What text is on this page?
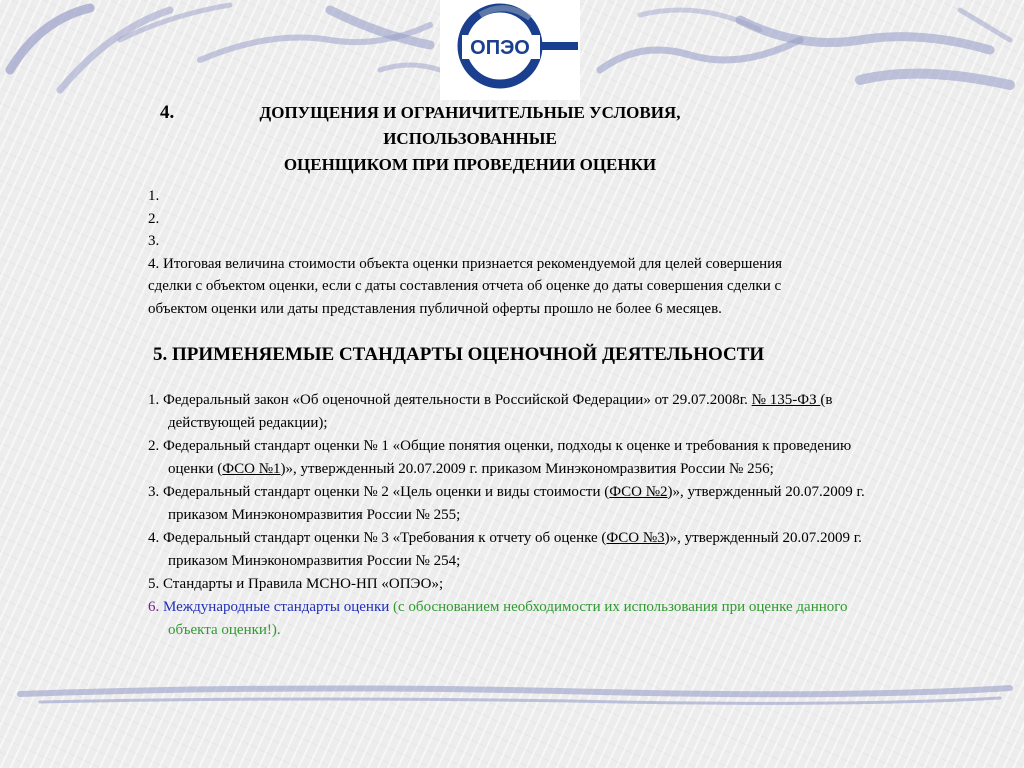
ОПЭО
4.	ДОПУЩЕНИЯ И ОГРАНИЧИТЕЛЬНЫЕ УСЛОВИЯ,
ИСПОЛЬЗОВАННЫЕ
ОЦЕНЩИКОМ ПРИ ПРОВЕДЕНИИ ОЦЕНКИ
1.
2.
3.
4. Итоговая величина стоимости объекта оценки признается рекомендуемой для целей совершения
сделки с объектом оценки, если с даты составления отчета об оценке до даты совершения сделки с
объектом оценки или даты представления публичной оферты прошло не более 6 месяцев.
5. ПРИМЕНЯЕМЫЕ СТАНДАРТЫ ОЦЕНОЧНОЙ ДЕЯТЕЛЬНОСТИ
1. Федеральный закон «Об оценочной деятельности в Российской Федерации» от 29.07.2008г. № 135-ФЗ (в действующей редакции);
2. Федеральный стандарт оценки № 1 «Общие понятия оценки, подходы к оценке и требования к проведению оценки (ФСО №1)», утвержденный 20.07.2009 г. приказом Минэкономразвития России № 256;
3. Федеральный стандарт оценки № 2 «Цель оценки и виды стоимости (ФСО №2)», утвержденный 20.07.2009 г. приказом Минэкономразвития России № 255;
4. Федеральный стандарт оценки № 3 «Требования к отчету об оценке (ФСО №3)», утвержденный 20.07.2009 г. приказом Минэкономразвития России № 254;
5. Стандарты и Правила МСНО-НП «ОПЭО»;
6. Международные стандарты оценки (с обоснованием необходимости их использования при оценке данного объекта оценки!).
